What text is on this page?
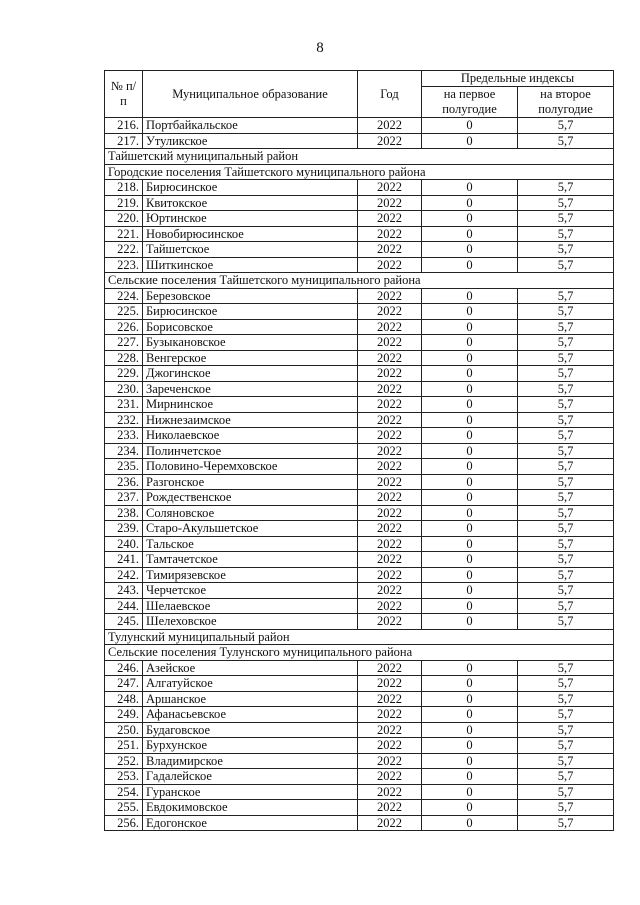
8
№ п/п	Муниципальное образование	Год	Предельные индексы	
			на первое полугодие	на второе полугодие
216.	Портбайкальское	2022	0	5,7
217.	Утуликское	2022	0	5,7
Тайшетский муниципальный район				
Городские поселения Тайшетского муниципального района				
218.	Бирюсинское	2022	0	5,7
219.	Квитокское	2022	0	5,7
220.	Юртинское	2022	0	5,7
221.	Новобирюсинское	2022	0	5,7
222.	Тайшетское	2022	0	5,7
223.	Шиткинское	2022	0	5,7
Сельские поселения Тайшетского муниципального района				
224.	Березовское	2022	0	5,7
225.	Бирюсинское	2022	0	5,7
226.	Борисовское	2022	0	5,7
227.	Бузыкановское	2022	0	5,7
228.	Венгерское	2022	0	5,7
229.	Джогинское	2022	0	5,7
230.	Зареченское	2022	0	5,7
231.	Мирнинское	2022	0	5,7
232.	Нижнезаимское	2022	0	5,7
233.	Николаевское	2022	0	5,7
234.	Полинчетское	2022	0	5,7
235.	Половино-Черемховское	2022	0	5,7
236.	Разгонское	2022	0	5,7
237.	Рождественское	2022	0	5,7
238.	Соляновское	2022	0	5,7
239.	Старо-Акульшетское	2022	0	5,7
240.	Тальское	2022	0	5,7
241.	Тамтачетское	2022	0	5,7
242.	Тимирязевское	2022	0	5,7
243.	Черчетское	2022	0	5,7
244.	Шелаевское	2022	0	5,7
245.	Шелеховское	2022	0	5,7
Тулунский муниципальный район				
Сельские поселения Тулунского муниципального района				
246.	Азейское	2022	0	5,7
247.	Алгатуйское	2022	0	5,7
248.	Аршанское	2022	0	5,7
249.	Афанасьевское	2022	0	5,7
250.	Будаговское	2022	0	5,7
251.	Бурхунское	2022	0	5,7
252.	Владимирское	2022	0	5,7
253.	Гадалейское	2022	0	5,7
254.	Гуранское	2022	0	5,7
255.	Евдокимовское	2022	0	5,7
256.	Едогонское	2022	0	5,7
